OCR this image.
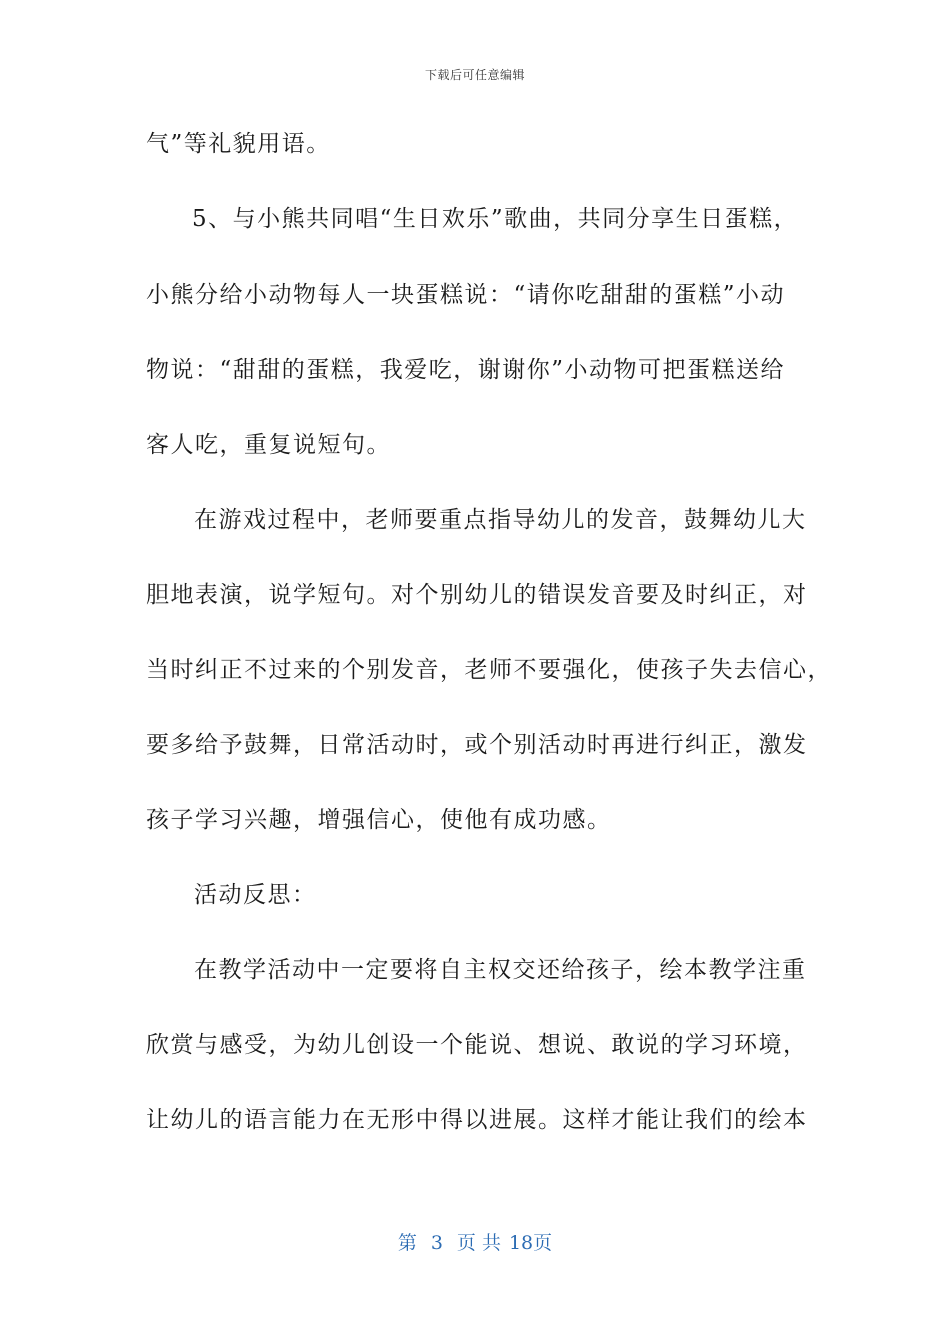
下载后可任意编辑
气”等礼貌用语。
5、与小熊共同唱“生日欢乐”歌曲，共同分享生日蛋糕，
小熊分给小动物每人一块蛋糕说：“请你吃甜甜的蛋糕”小动
物说：“甜甜的蛋糕，我爱吃，谢谢你”小动物可把蛋糕送给
客人吃，重复说短句。
在游戏过程中，老师要重点指导幼儿的发音，鼓舞幼儿大
胆地表演，说学短句。对个别幼儿的错误发音要及时纠正，对
当时纠正不过来的个别发音，老师不要强化，使孩子失去信心，
要多给予鼓舞，日常活动时，或个别活动时再进行纠正，激发
孩子学习兴趣，增强信心，使他有成功感。
活动反思：
在教学活动中一定要将自主权交还给孩子，绘本教学注重
欣赏与感受，为幼儿创设一个能说、想说、敢说的学习环境，
让幼儿的语言能力在无形中得以进展。这样才能让我们的绘本
第 3 页 共 18页
